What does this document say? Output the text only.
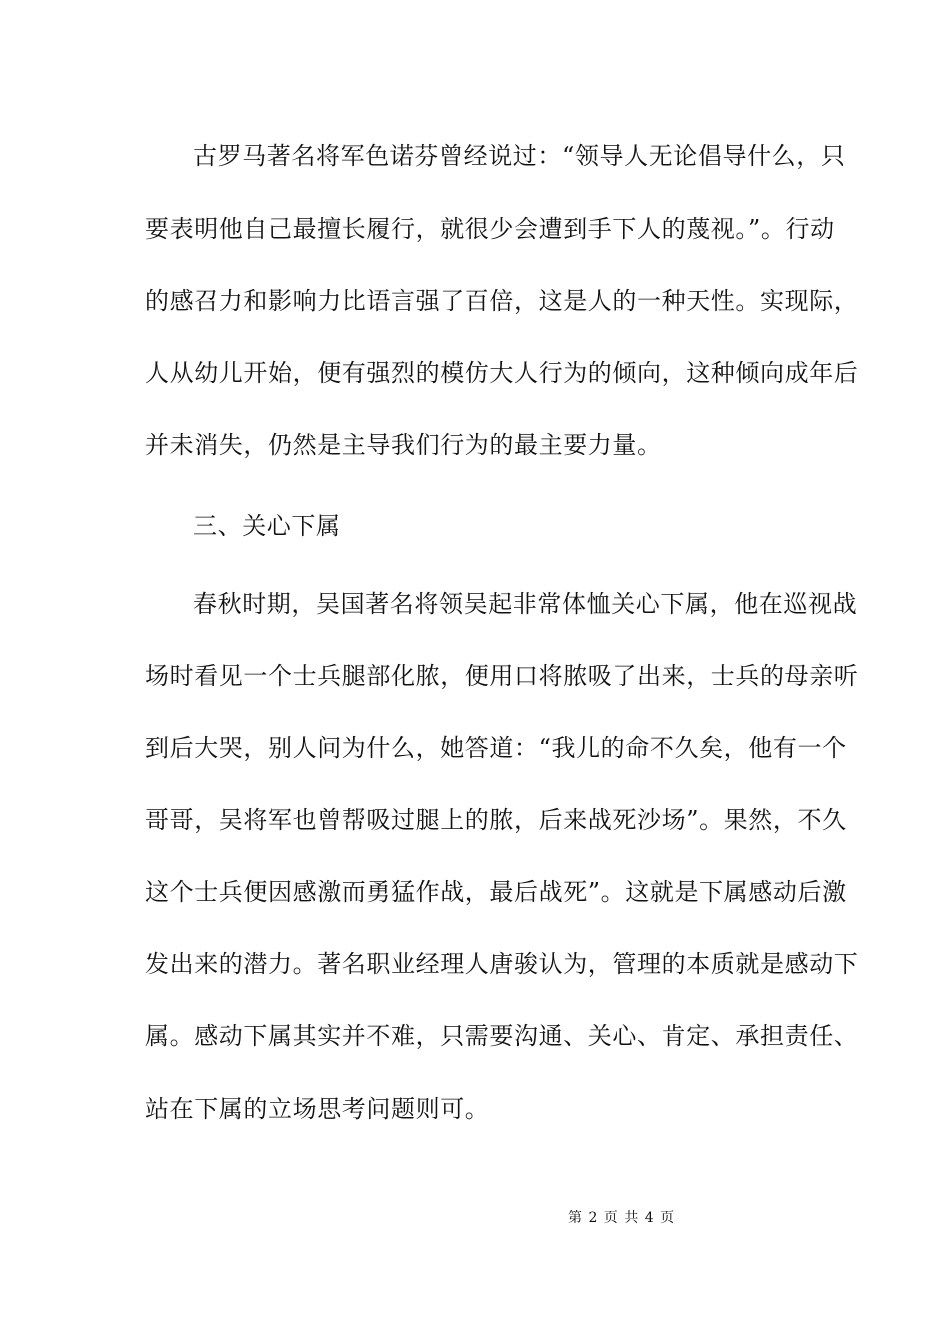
古罗马著名将军色诺芬曾经说过：“领导人无论倡导什么，只
要表明他自己最擅长履行，就很少会遭到手下人的蔑视。”。行动
的感召力和影响力比语言强了百倍，这是人的一种天性。实现际，
人从幼儿开始，便有强烈的模仿大人行为的倾向，这种倾向成年后
并未消失，仍然是主导我们行为的最主要力量。
三、关心下属
春秋时期，吴国著名将领吴起非常体恤关心下属，他在巡视战
场时看见一个士兵腿部化脓，便用口将脓吸了出来，士兵的母亲听
到后大哭，别人问为什么，她答道：“我儿的命不久矣，他有一个
哥哥，吴将军也曾帮吸过腿上的脓，后来战死沙场”。果然，不久
这个士兵便因感激而勇猛作战，最后战死”。这就是下属感动后激
发出来的潜力。著名职业经理人唐骏认为，管理的本质就是感动下
属。感动下属其实并不难，只需要沟通、关心、肯定、承担责任、
站在下属的立场思考问题则可。
第 2 页 共 4 页
